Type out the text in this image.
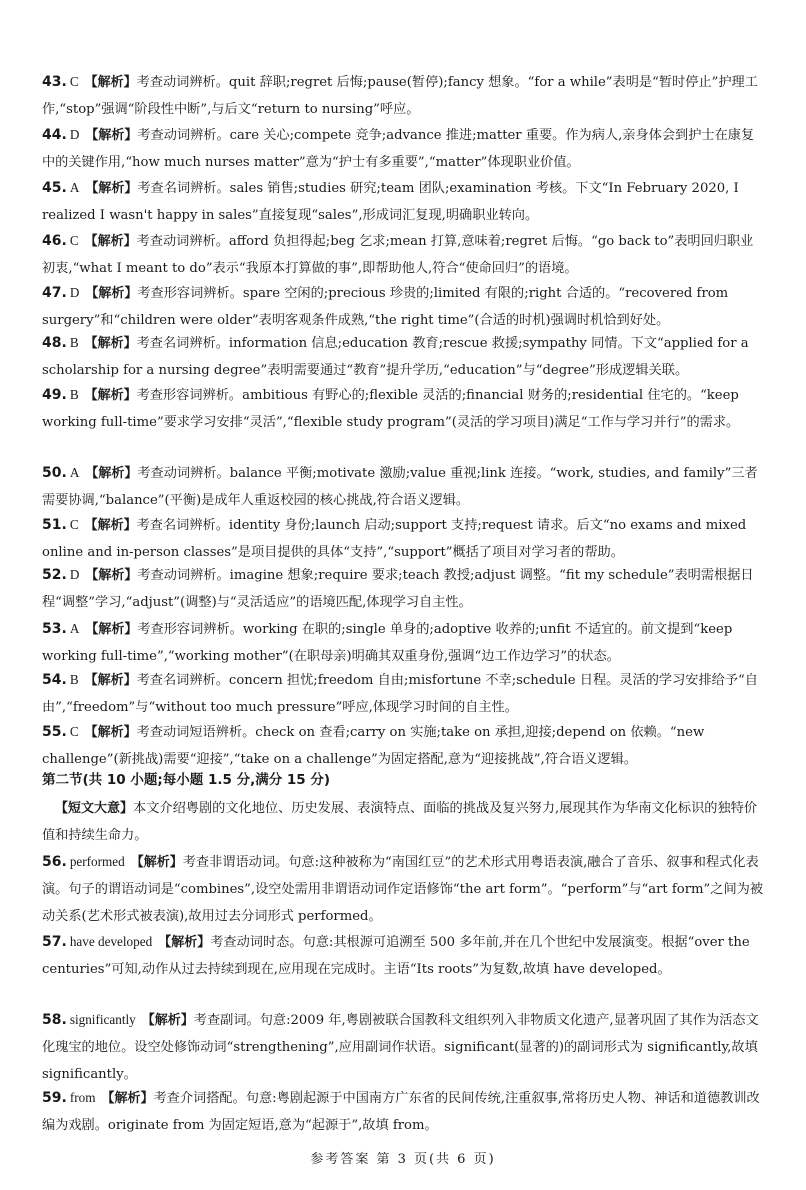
43. C 【解析】考查动词辨析。quit 辞职;regret 后悔;pause(暂停);fancy 想象。“for a while”表明是“暂时停止”护理工作,“stop”强调“阶段性中断”,与后文“return to nursing”呼应。
44. D 【解析】考查动词辨析。care 关心;compete 竞争;advance 推进;matter 重要。作为病人,亲身体会到护士在康复中的关键作用,“how much nurses matter”意为“护士有多重要”,“matter”体现职业价值。
45. A 【解析】考查名词辨析。sales 销售;studies 研究;team 团队;examination 考核。下文“In February 2020, I realized I wasn't happy in sales”直接复现“sales”,形成词汇复现,明确职业转向。
46. C 【解析】考查动词辨析。afford 负担得起;beg 乞求;mean 打算,意味着;regret 后悔。“go back to”表明回归职业初衷,“what I meant to do”表示“我原本打算做的事”,即帮助他人,符合“使命回归”的语境。
47. D 【解析】考查形容词辨析。spare 空闲的;precious 珍贵的;limited 有限的;right 合适的。“recovered from surgery”和“children were older”表明客观条件成熟,“the right time”(合适的时机)强调时机恰到好处。
48. B 【解析】考查名词辨析。information 信息;education 教育;rescue 救援;sympathy 同情。下文“applied for a scholarship for a nursing degree”表明需要通过“教育”提升学历,“education”与“degree”形成逻辑关联。
49. B 【解析】考查形容词辨析。ambitious 有野心的;flexible 灵活的;financial 财务的;residential 住宅的。“keep working full-time”要求学习安排“灵活”,“flexible study program”(灵活的学习项目)满足“工作与学习并行”的需求。
50. A 【解析】考查动词辨析。balance 平衡;motivate 激励;value 重视;link 连接。“work, studies, and family”三者需要协调,“balance”(平衡)是成年人重返校园的核心挑战,符合语义逻辑。
51. C 【解析】考查名词辨析。identity 身份;launch 启动;support 支持;request 请求。后文“no exams and mixed online and in-person classes”是项目提供的具体“支持”,“support”概括了项目对学习者的帮助。
52. D 【解析】考查动词辨析。imagine 想象;require 要求;teach 教授;adjust 调整。“fit my schedule”表明需根据日程“调整”学习,“adjust”(调整)与“灵活适应”的语境匹配,体现学习自主性。
53. A 【解析】考查形容词辨析。working 在职的;single 单身的;adoptive 收养的;unfit 不适宜的。前文提到“keep working full-time”,“working mother”(在职母亲)明确其双重身份,强调“边工作边学习”的状态。
54. B 【解析】考查名词辨析。concern 担忧;freedom 自由;misfortune 不幸;schedule 日程。灵活的学习安排给予“自由”,“freedom”与“without too much pressure”呼应,体现学习时间的自主性。
55. C 【解析】考查动词短语辨析。check on 查看;carry on 实施;take on 承担,迎接;depend on 依赖。“new challenge”(新挑战)需要“迎接”,“take on a challenge”为固定搭配,意为“迎接挑战”,符合语义逻辑。
第二节(共 10 小题;每小题 1.5 分,满分 15 分)
【短文大意】本文介绍粤剧的文化地位、历史发展、表演特点、面临的挑战及复兴努力,展现其作为华南文化标识的独特价值和持续生命力。
56. performed 【解析】考查非谓语动词。句意:这种被称为“南国红豆”的艺术形式用粤语表演,融合了音乐、叙事和程式化表演。句子的谓语动词是“combines”,设空处需用非谓语动词作定语修饰“the art form”。“perform”与“art form”之间为被动关系(艺术形式被表演),故用过去分词形式 performed。
57. have developed 【解析】考查动词时态。句意:其根源可追溯至 500 多年前,并在几个世纪中发展演变。根据“over the centuries”可知,动作从过去持续到现在,应用现在完成时。主语“Its roots”为复数,故填 have developed。
58. significantly 【解析】考查副词。句意:2009 年,粤剧被联合国教科文组织列入非物质文化遗产,显著巩固了其作为活态文化瑰宝的地位。设空处修饰动词“strengthening”,应用副词作状语。significant(显著的)的副词形式为 significantly,故填 significantly。
59. from 【解析】考查介词搭配。句意:粤剧起源于中国南方广东省的民间传统,注重叙事,常将历史人物、神话和道德教训改编为戏剧。originate from 为固定短语,意为“起源于”,故填 from。
参考答案 第 3 页(共 6 页)
